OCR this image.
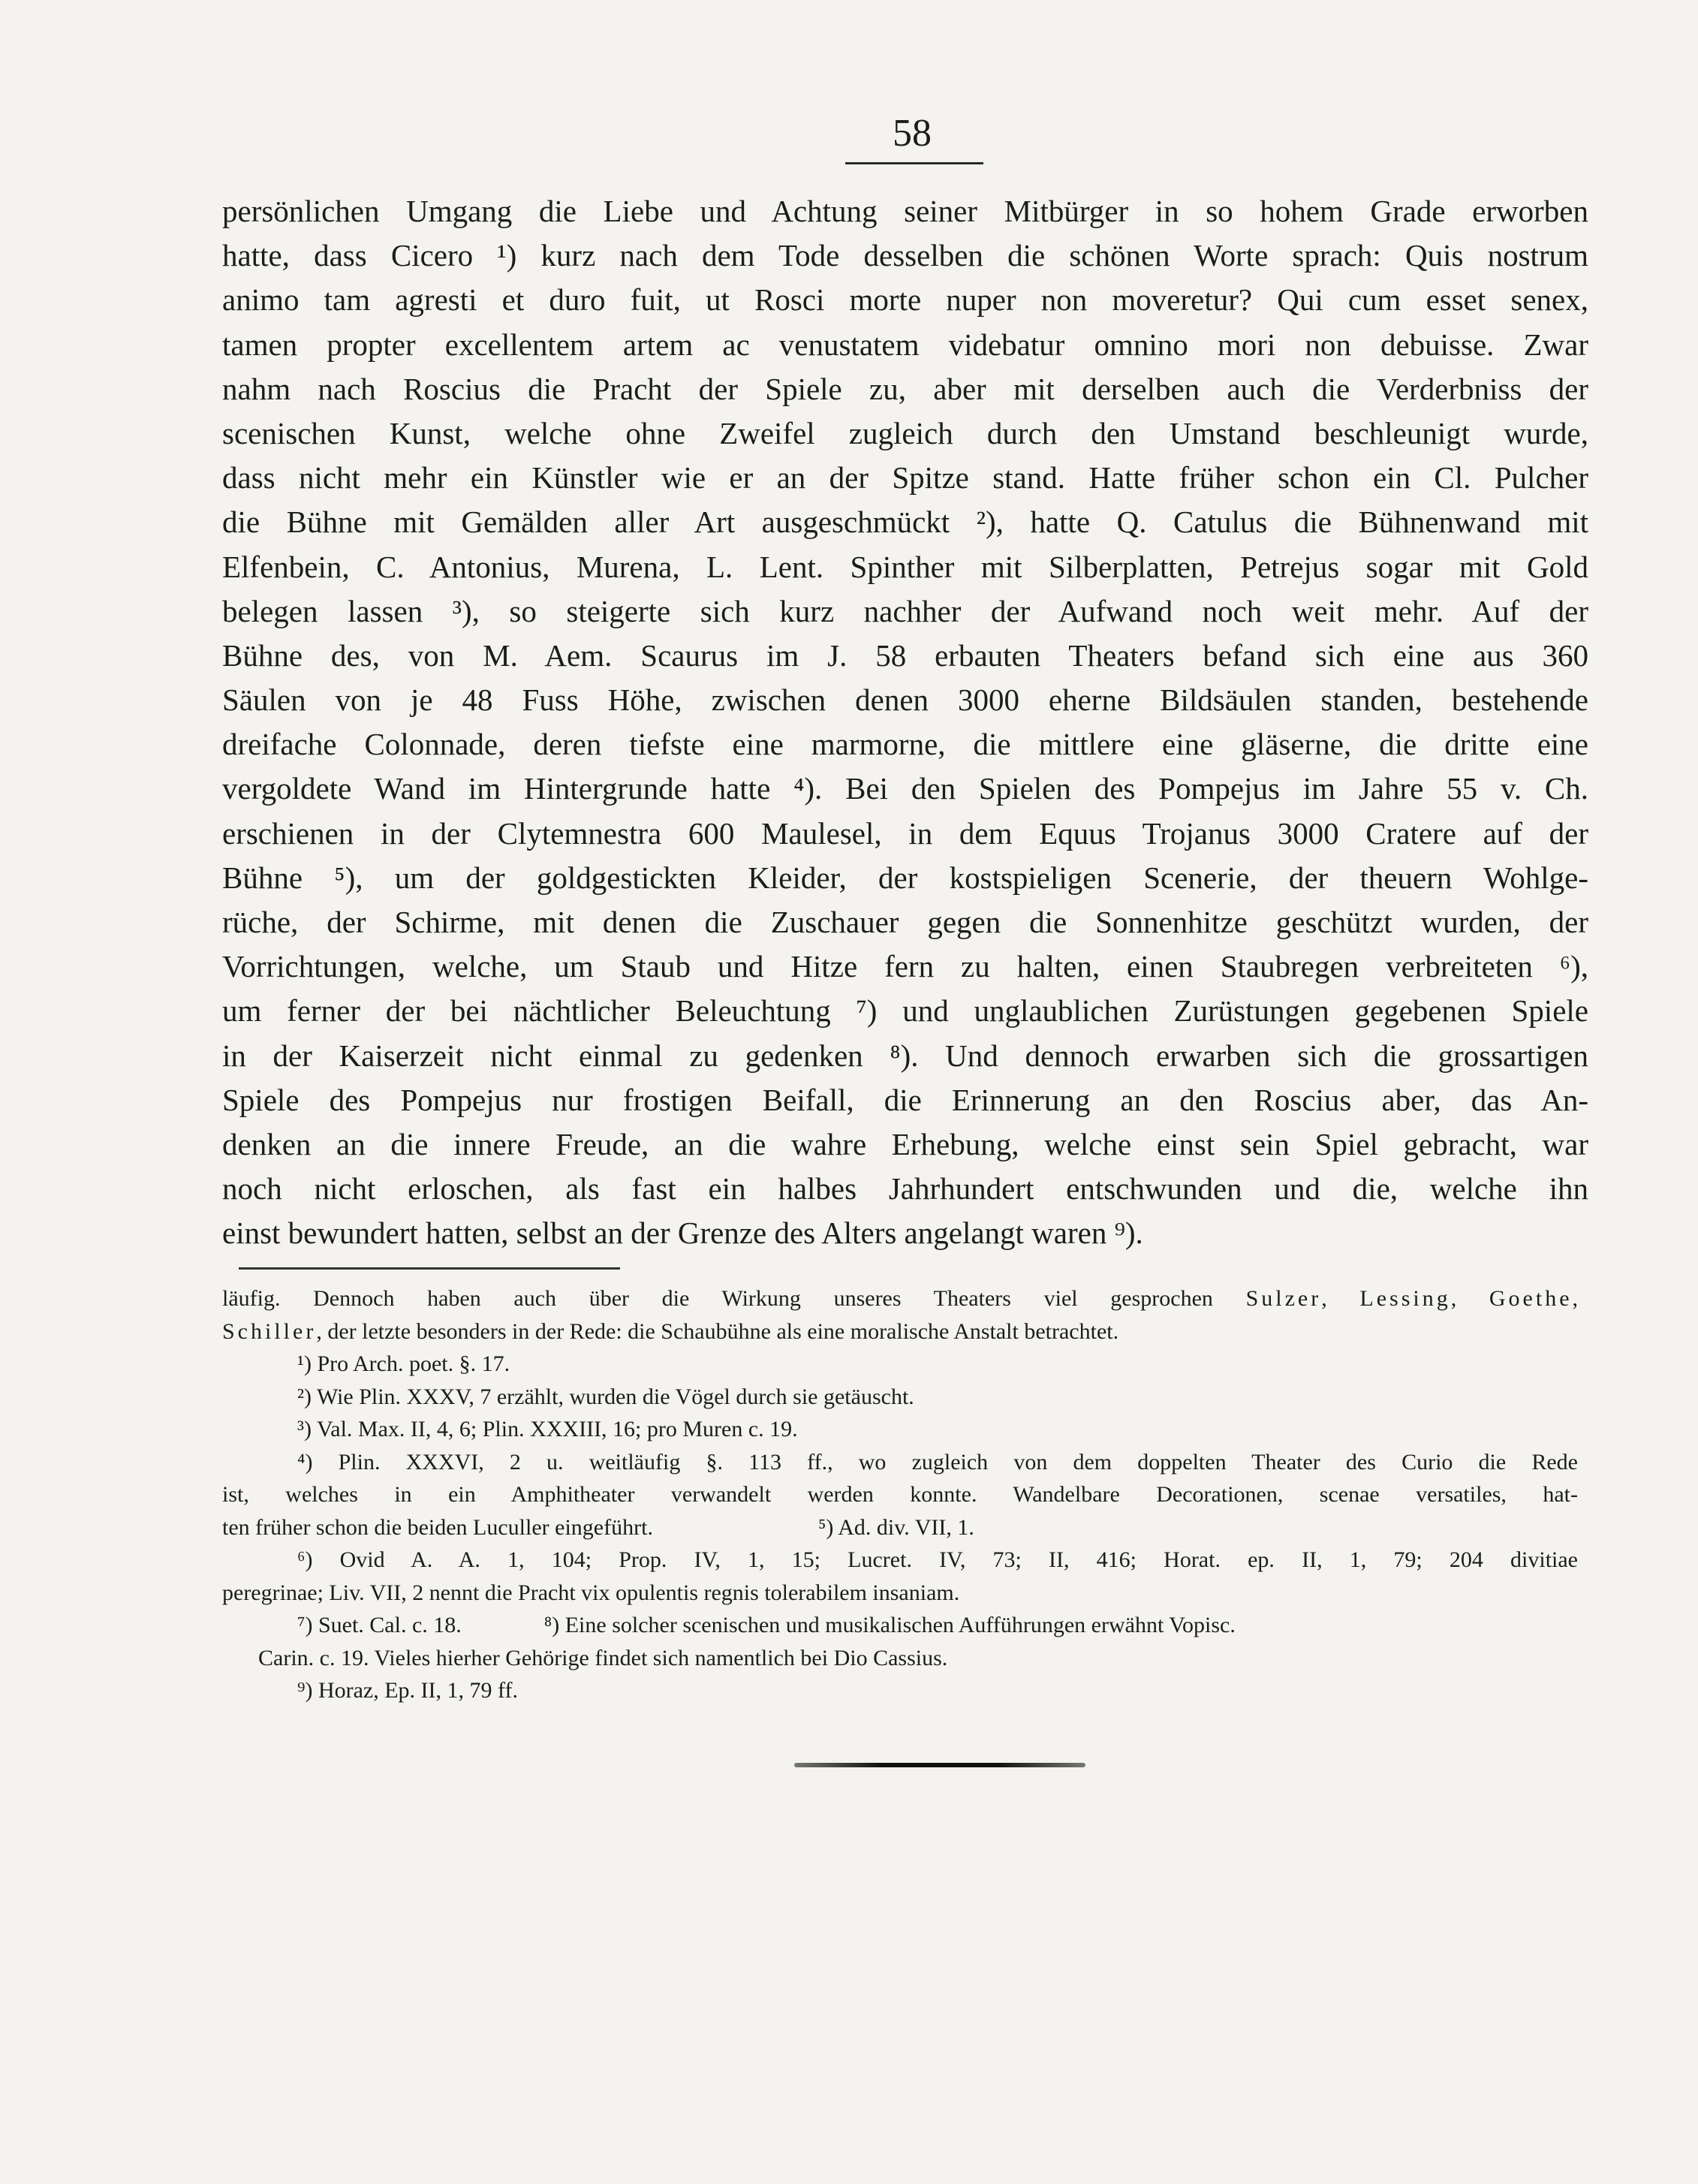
58
persönlichen Umgang die Liebe und Achtung seiner Mitbürger in so hohem Grade erworben
hatte, dass Cicero ¹) kurz nach dem Tode desselben die schönen Worte sprach: Quis nostrum
animo tam agresti et duro fuit, ut Rosci morte nuper non moveretur? Qui cum esset senex,
tamen propter excellentem artem ac venustatem videbatur omnino mori non debuisse. Zwar
nahm nach Roscius die Pracht der Spiele zu, aber mit derselben auch die Verderbniss der
scenischen Kunst, welche ohne Zweifel zugleich durch den Umstand beschleunigt wurde,
dass nicht mehr ein Künstler wie er an der Spitze stand. Hatte früher schon ein Cl. Pulcher
die Bühne mit Gemälden aller Art ausgeschmückt ²), hatte Q. Catulus die Bühnenwand mit
Elfenbein, C. Antonius, Murena, L. Lent. Spinther mit Silberplatten, Petrejus sogar mit Gold
belegen lassen ³), so steigerte sich kurz nachher der Aufwand noch weit mehr. Auf der
Bühne des, von M. Aem. Scaurus im J. 58 erbauten Theaters befand sich eine aus 360
Säulen von je 48 Fuss Höhe, zwischen denen 3000 eherne Bildsäulen standen, bestehende
dreifache Colonnade, deren tiefste eine marmorne, die mittlere eine gläserne, die dritte eine
vergoldete Wand im Hintergrunde hatte ⁴). Bei den Spielen des Pompejus im Jahre 55 v. Ch.
erschienen in der Clytemnestra 600 Maulesel, in dem Equus Trojanus 3000 Cratere auf der
Bühne ⁵), um der goldgestickten Kleider, der kostspieligen Scenerie, der theuern Wohlge-
rüche, der Schirme, mit denen die Zuschauer gegen die Sonnenhitze geschützt wurden, der
Vorrichtungen, welche, um Staub und Hitze fern zu halten, einen Staubregen verbreiteten ⁶),
um ferner der bei nächtlicher Beleuchtung ⁷) und unglaublichen Zurüstungen gegebenen Spiele
in der Kaiserzeit nicht einmal zu gedenken ⁸). Und dennoch erwarben sich die grossartigen
Spiele des Pompejus nur frostigen Beifall, die Erinnerung an den Roscius aber, das An-
denken an die innere Freude, an die wahre Erhebung, welche einst sein Spiel gebracht, war
noch nicht erloschen, als fast ein halbes Jahrhundert entschwunden und die, welche ihn
einst bewundert hatten, selbst an der Grenze des Alters angelangt waren ⁹).
läufig. Dennoch haben auch über die Wirkung unseres Theaters viel gesprochen Sulzer, Lessing, Goethe,
Schiller, der letzte besonders in der Rede: die Schaubühne als eine moralische Anstalt betrachtet.
¹) Pro Arch. poet. §. 17.
²) Wie Plin. XXXV, 7 erzählt, wurden die Vögel durch sie getäuscht.
³) Val. Max. II, 4, 6; Plin. XXXIII, 16; pro Muren c. 19.
⁴) Plin. XXXVI, 2 u. weitläufig §. 113 ff., wo zugleich von dem doppelten Theater des Curio die Rede
ist, welches in ein Amphitheater verwandelt werden konnte. Wandelbare Decorationen, scenae versatiles, hat-
ten früher schon die beiden Luculler eingeführt.	⁵) Ad. div. VII, 1.
⁶) Ovid A. A. 1, 104; Prop. IV, 1, 15; Lucret. IV, 73; II, 416; Horat. ep. II, 1, 79; 204 divitiae
peregrinae; Liv. VII, 2 nennt die Pracht vix opulentis regnis tolerabilem insaniam.
⁷) Suet. Cal. c. 18.	⁸) Eine solcher scenischen und musikalischen Aufführungen erwähnt Vopisc.
Carin. c. 19. Vieles hierher Gehörige findet sich namentlich bei Dio Cassius.
⁹) Horaz, Ep. II, 1, 79 ff.
